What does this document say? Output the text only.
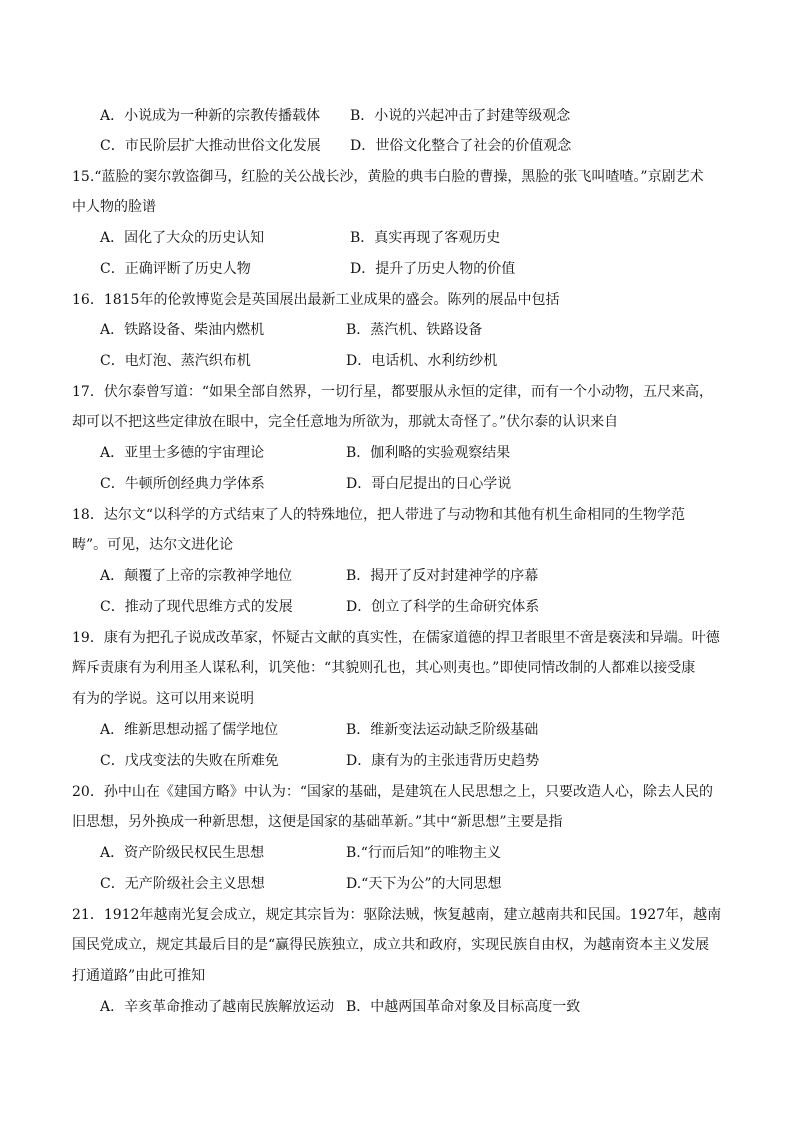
A．小说成为一种新的宗教传播载体 B．小说的兴起冲击了封建等级观念
C．市民阶层扩大推动世俗文化发展 D．世俗文化整合了社会的价值观念
15.“蓝脸的窦尔敦盗御马，红脸的关公战长沙，黄脸的典韦白脸的曹操，黑脸的张飞叫喳喳。”京剧艺术
中人物的脸谱
A．固化了大众的历史认知	B．真实再现了客观历史
C．正确评断了历史人物	D．提升了历史人物的价值
16．1815年的伦敦博览会是英国展出最新工业成果的盛会。陈列的展品中包括
A．铁路设备、柴油内燃机	B．蒸汽机、铁路设备
C．电灯泡、蒸汽织布机	D．电话机、水利纺纱机
17．伏尔泰曾写道：“如果全部自然界，一切行星，都要服从永恒的定律，而有一个小动物，五尺来高，
却可以不把这些定律放在眼中，完全任意地为所欲为，那就太奇怪了。”伏尔泰的认识来自
A．亚里士多德的宇宙理论	B．伽利略的实验观察结果
C．牛顿所创经典力学体系	D．哥白尼提出的日心学说
18．达尔文“以科学的方式结束了人的特殊地位，把人带进了与动物和其他有机生命相同的生物学范
畴”。可见，达尔文进化论
A．颠覆了上帝的宗教神学地位	B．揭开了反对封建神学的序幕
C．推动了现代思维方式的发展	D．创立了科学的生命研究体系
19．康有为把孔子说成改革家，怀疑古文献的真实性，在儒家道德的捍卫者眼里不啻是亵渎和异端。叶德
辉斥责康有为利用圣人谋私利，讥笑他：“其貌则孔也，其心则夷也。”即使同情改制的人都难以接受康
有为的学说。这可以用来说明
A．维新思想动摇了儒学地位	B．维新变法运动缺乏阶级基础
C．戊戌变法的失败在所难免	D．康有为的主张违背历史趋势
20．孙中山在《建国方略》中认为：“国家的基础，是建筑在人民思想之上，只要改造人心，除去人民的
旧思想，另外换成一种新思想，这便是国家的基础革新。”其中“新思想”主要是指
A．资产阶级民权民生思想	B.“行而后知”的唯物主义
C．无产阶级社会主义思想	D.“天下为公”的大同思想
21．1912年越南光复会成立，规定其宗旨为：驱除法贼，恢复越南，建立越南共和民国。1927年，越南
国民党成立，规定其最后目的是“赢得民族独立，成立共和政府，实现民族自由权，为越南资本主义发展
打通道路”由此可推知
A．辛亥革命推动了越南民族解放运动 B．中越两国革命对象及目标高度一致
